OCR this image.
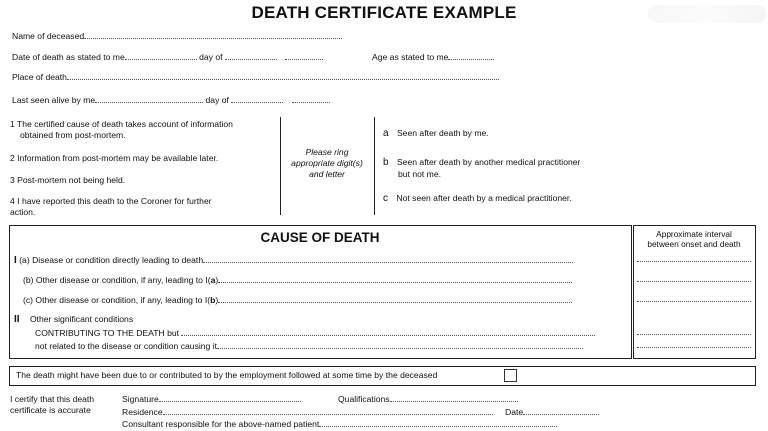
DEATH CERTIFICATE EXAMPLE
Name of deceased
Date of death as stated to me	day of	Age as stated to me
Place of death
Last seen alive by me	day of
1 The certified cause of death takes account of information
obtained from post-mortem.
2 Information from post-mortem may be available later.
3 Post-mortem not being held.
4 I have reported this death to the Coroner for further
action.
Please ring appropriate digit(s) and letter
a Seen after death by me.
b Seen after death by another medical practitioner
but not me.
c Not seen after death by a medical practitioner.
CAUSE OF DEATH
I (a) Disease or condition directly leading to death
(b) Other disease or condition, if any, leading to I(a)
(c) Other disease or condition, if any, leading to I(b)
II Other significant conditions
CONTRIBUTING TO THE DEATH but
not related to the disease or condition causing it
Approximate interval
between onset and death
The death might have been due to or contributed to by the employment followed at some time by the deceased
I certify that this death
certificate is accurate
Signature	Qualifications
Residence	Date
Consultant responsible for the above-named patient
